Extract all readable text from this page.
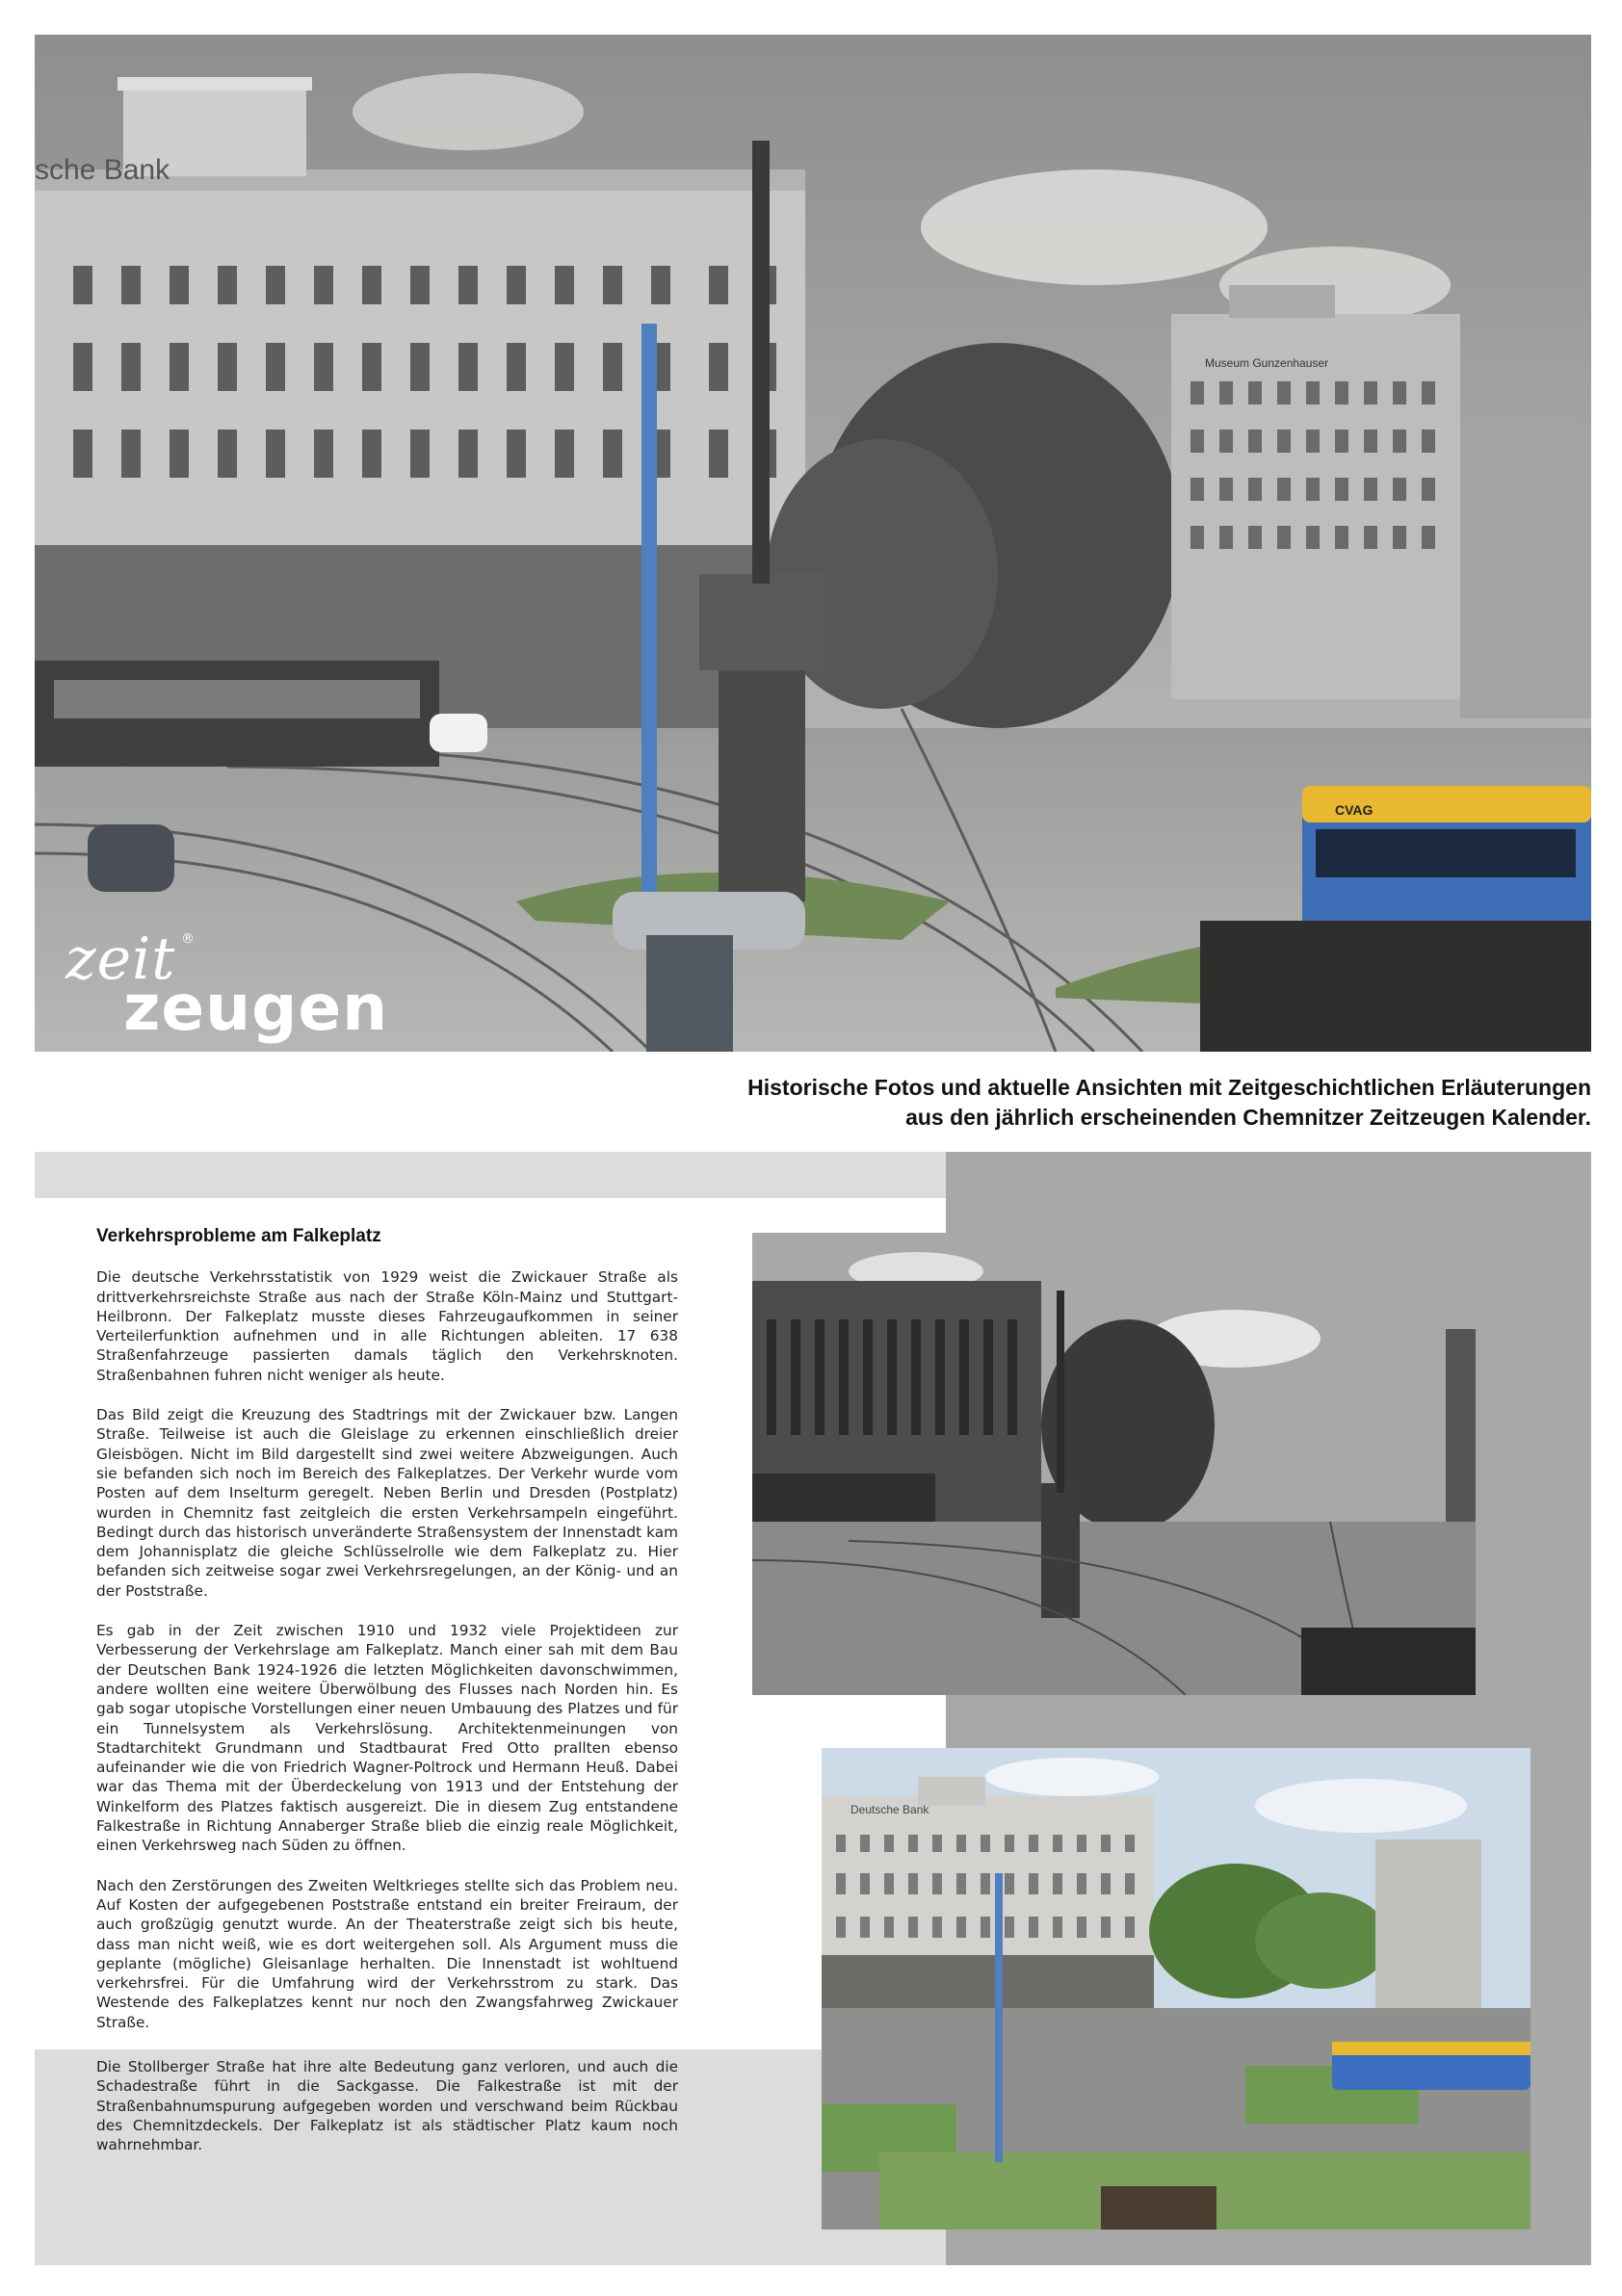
sche Bank
Museum Gunzenhauser
CVAG
zeit ®
zeugen
Historische Fotos und aktuelle Ansichten mit Zeitgeschichtlichen Erläuterungen
aus den jährlich erscheinenden Chemnitzer Zeitzeugen Kalender.
Verkehrsprobleme am Falkeplatz

Die deutsche Verkehrsstatistik von 1929 weist die Zwickauer Straße als drittverkehrsreichste Straße aus nach der Straße Köln-Mainz und Stuttgart-Heilbronn. Der Falkeplatz musste dieses Fahrzeugaufkommen in seiner Verteilerfunktion aufnehmen und in alle Richtungen ableiten. 17 638 Straßenfahrzeuge passierten damals täglich den Verkehrsknoten. Straßenbahnen fuhren nicht weniger als heute.

Das Bild zeigt die Kreuzung des Stadtrings mit der Zwickauer bzw. Langen Straße. Teilweise ist auch die Gleislage zu erkennen einschließlich dreier Gleisbögen. Nicht im Bild dargestellt sind zwei weitere Abzweigungen. Auch sie befanden sich noch im Bereich des Falkeplatzes. Der Verkehr wurde vom Posten auf dem Inselturm geregelt. Neben Berlin und Dresden (Postplatz) wurden in Chemnitz fast zeitgleich die ersten Verkehrsampeln eingeführt. Bedingt durch das historisch unveränderte Straßensystem der Innenstadt kam dem Johannisplatz die gleiche Schlüsselrolle wie dem Falkeplatz zu. Hier befanden sich zeitweise sogar zwei Verkehrsregelungen, an der König- und an der Poststraße.

Es gab in der Zeit zwischen 1910 und 1932 viele Projektideen zur Verbesserung der Verkehrslage am Falkeplatz. Manch einer sah mit dem Bau der Deutschen Bank 1924-1926 die letzten Möglichkeiten davonschwimmen, andere wollten eine weitere Überwölbung des Flusses nach Norden hin. Es gab sogar utopische Vorstellungen einer neuen Umbauung des Platzes und für ein Tunnelsystem als Verkehrslösung. Architektenmeinungen von Stadtarchitekt Grundmann und Stadtbaurat Fred Otto prallten ebenso aufeinander wie die von Friedrich Wagner-Poltrock und Hermann Heuß. Dabei war das Thema mit der Überdeckelung von 1913 und der Entstehung der Winkelform des Platzes faktisch ausgereizt. Die in diesem Zug entstandene Falkestraße in Richtung Annaberger Straße blieb die einzig reale Möglichkeit, einen Verkehrsweg nach Süden zu öffnen.

Nach den Zerstörungen des Zweiten Weltkrieges stellte sich das Problem neu. Auf Kosten der aufgegebenen Poststraße entstand ein breiter Freiraum, der auch großzügig genutzt wurde. An der Theaterstraße zeigt sich bis heute, dass man nicht weiß, wie es dort weitergehen soll. Als Argument muss die geplante (mögliche) Gleisanlage herhalten. Die Innenstadt ist wohltuend verkehrsfrei. Für die Umfahrung wird der Verkehrsstrom zu stark. Das Westende des Falkeplatzes kennt nur noch den Zwangsfahrweg Zwickauer Straße.

Die Stollberger Straße hat ihre alte Bedeutung ganz verloren, und auch die Schadestraße führt in die Sackgasse. Die Falkestraße ist mit der Straßenbahnumspurung aufgegeben worden und verschwand beim Rückbau des Chemnitzdeckels. Der Falkeplatz ist als städtischer Platz kaum noch wahrnehmbar.

Deutsche Bank
